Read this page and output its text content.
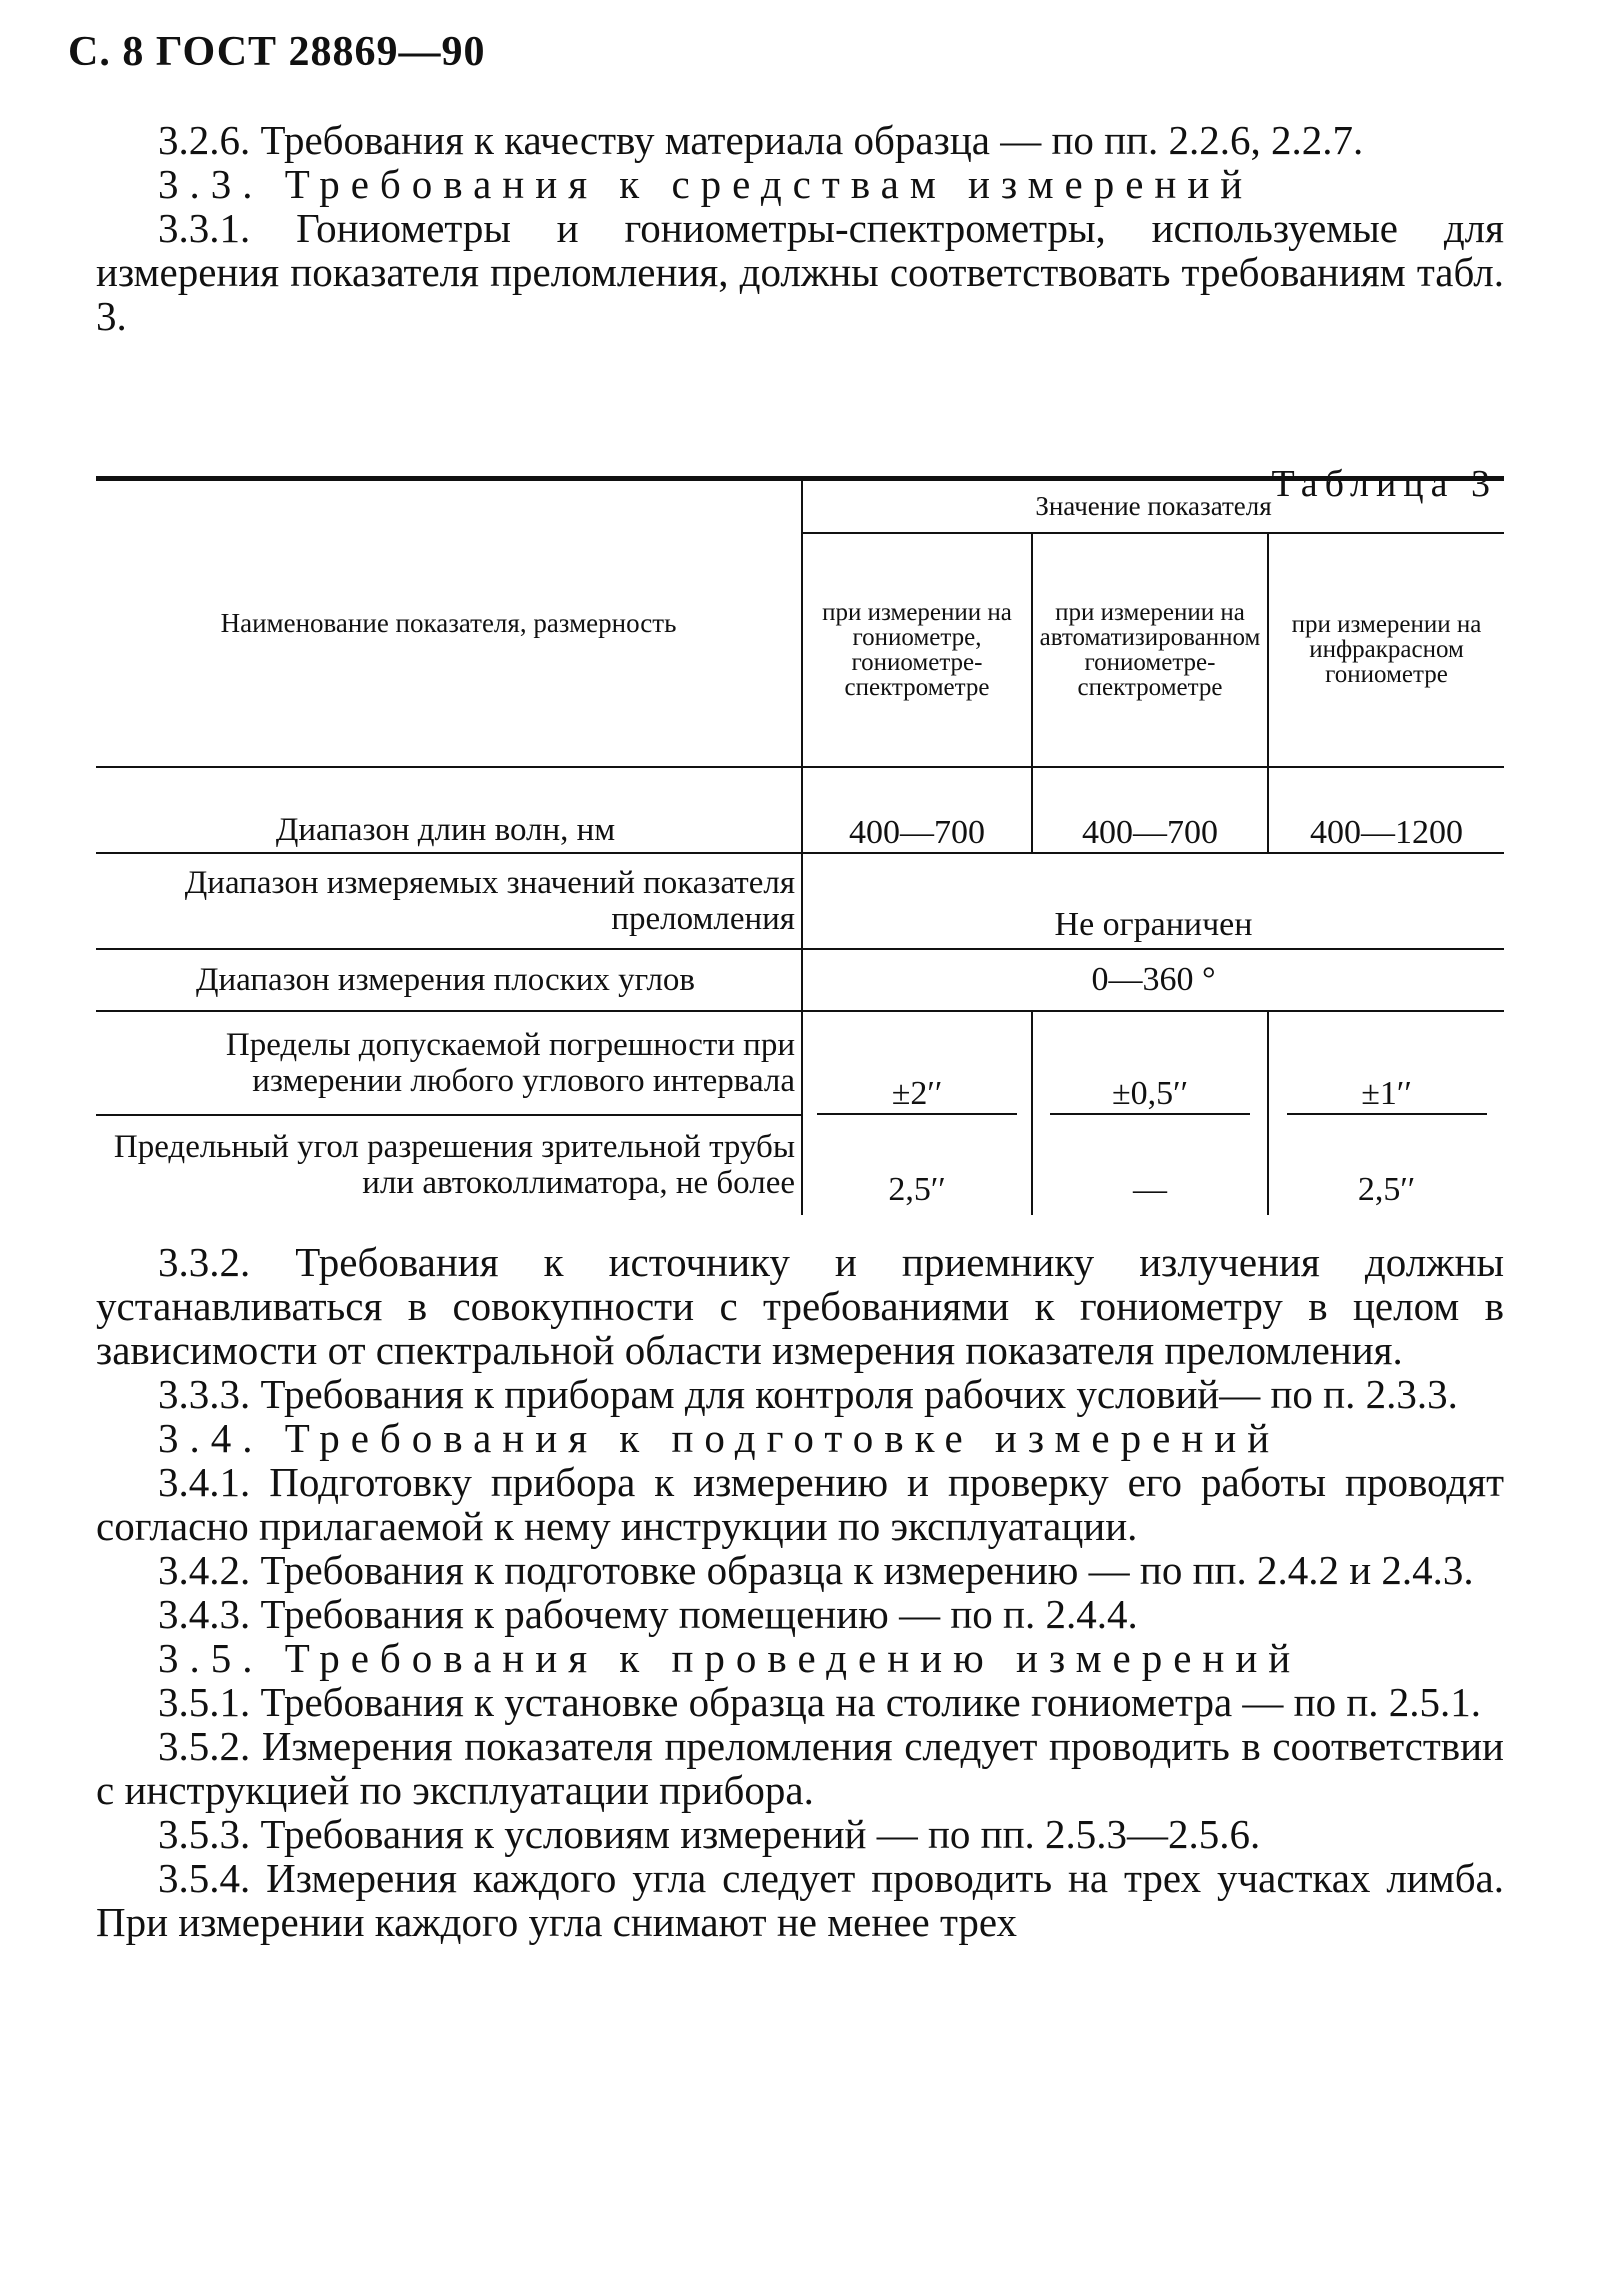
С. 8 ГОСТ 28869—90

3.2.6. Требования к качеству материала образца — по пп. 2.2.6, 2.2.7.

3.3. Требования к средствам измерений

3.3.1. Гониометры и гониометры-спектрометры, используемые для измерения показателя преломления, должны соответствовать требованиям табл. 3.

Таблица 3
Наименование показателя, размерность	Значение показателя		
	при измерении на гониометре, гониометре-спектрометре	при измерении на автоматизированном гониометре-спектрометре	при измерении на инфракрасном гониометре
Диапазон длин волн, нм	400—700	400—700	400—1200
Диапазон измеряемых значений показателя преломления	Не ограничен		
Диапазон измерения плоских углов	0—360 °		
Пределы допускаемой погрешности при измерении любого углового интервала	±2′′	±0,5′′	±1′′
Предельный угол разрешения зрительной трубы или автоколлиматора, не более	2,5′′	—	2,5′′

3.3.2. Требования к источнику и приемнику излучения должны устанавливаться в совокупности с требованиями к гониометру в целом в зависимости от спектральной области измерения показателя преломления.

3.3.3. Требования к приборам для контроля рабочих условий— по п. 2.3.3.

3.4. Требования к подготовке измерений

3.4.1. Подготовку прибора к измерению и проверку его работы проводят согласно прилагаемой к нему инструкции по эксплуатации.

3.4.2. Требования к подготовке образца к измерению — по пп. 2.4.2 и 2.4.3.

3.4.3. Требования к рабочему помещению — по п. 2.4.4.

3.5. Требования к проведению измерений

3.5.1. Требования к установке образца на столике гониометра — по п. 2.5.1.

3.5.2. Измерения показателя преломления следует проводить в соответствии с инструкцией по эксплуатации прибора.

3.5.3. Требования к условиям измерений — по пп. 2.5.3—2.5.6.

3.5.4. Измерения каждого угла следует проводить на трех участках лимба. При измерении каждого угла снимают не менее трех
